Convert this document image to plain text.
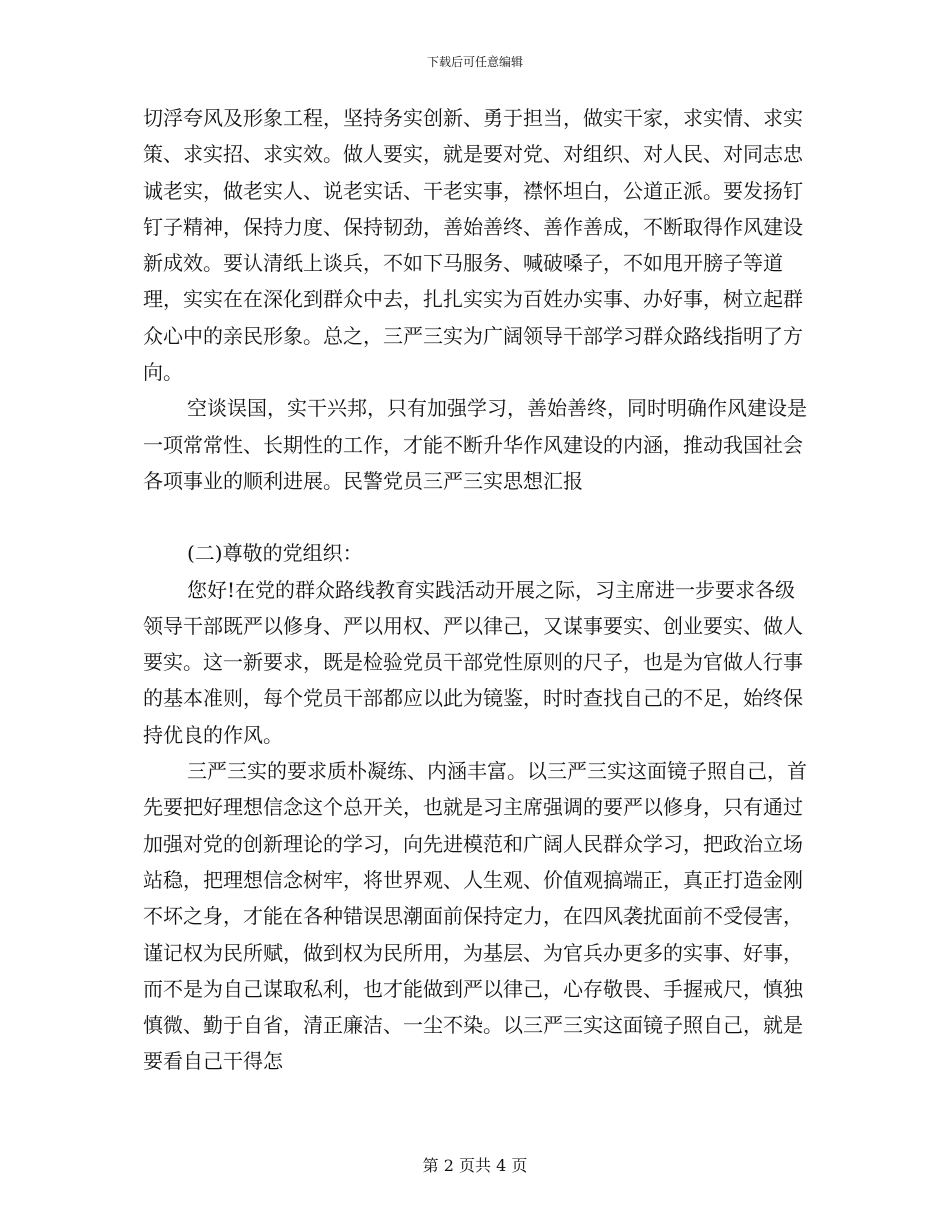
下载后可任意编辑

切浮夸风及形象工程，坚持务实创新、勇于担当，做实干家，求实情、求实策、求实招、求实效。做人要实，就是要对党、对组织、对人民、对同志忠诚老实，做老实人、说老实话、干老实事，襟怀坦白，公道正派。要发扬钉钉子精神，保持力度、保持韧劲，善始善终、善作善成，不断取得作风建设新成效。要认清纸上谈兵，不如下马服务、喊破嗓子，不如甩开膀子等道理，实实在在深化到群众中去，扎扎实实为百姓办实事、办好事，树立起群众心中的亲民形象。总之，三严三实为广阔领导干部学习群众路线指明了方向。

空谈误国，实干兴邦，只有加强学习，善始善终，同时明确作风建设是一项常常性、长期性的工作，才能不断升华作风建设的内涵，推动我国社会各项事业的顺利进展。民警党员三严三实思想汇报

(二)尊敬的党组织：

您好!在党的群众路线教育实践活动开展之际，习主席进一步要求各级领导干部既严以修身、严以用权、严以律己，又谋事要实、创业要实、做人要实。这一新要求，既是检验党员干部党性原则的尺子，也是为官做人行事的基本准则，每个党员干部都应以此为镜鉴，时时查找自己的不足，始终保持优良的作风。

三严三实的要求质朴凝练、内涵丰富。以三严三实这面镜子照自己，首先要把好理想信念这个总开关，也就是习主席强调的要严以修身，只有通过加强对党的创新理论的学习，向先进模范和广阔人民群众学习，把政治立场站稳，把理想信念树牢，将世界观、人生观、价值观搞端正，真正打造金刚不坏之身，才能在各种错误思潮面前保持定力，在四风袭扰面前不受侵害，谨记权为民所赋，做到权为民所用，为基层、为官兵办更多的实事、好事，而不是为自己谋取私利，也才能做到严以律己，心存敬畏、手握戒尺，慎独慎微、勤于自省，清正廉洁、一尘不染。以三严三实这面镜子照自己，就是要看自己干得怎

第 2 页共 4 页
